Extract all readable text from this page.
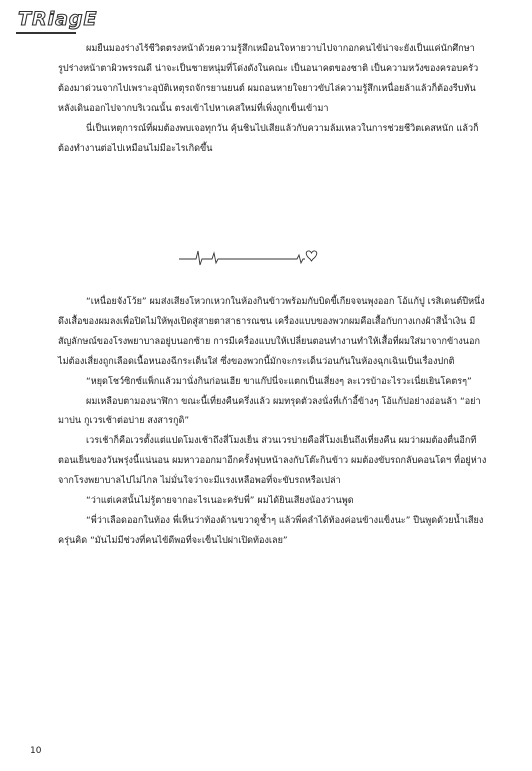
TRiagE

ผมยืนมองร่างไร้ชีวิตตรงหน้าด้วยความรู้สึกเหมือนใจหายวาบไปจากอกคนไข้น่าจะยังเป็นแค่นักศึกษา รูปร่างหน้าตาผิวพรรณดี น่าจะเป็นชายหนุ่มที่โด่งดังในคณะ เป็นอนาคตของชาติ เป็นความหวังของครอบครัว ต้องมาด่วนจากไปเพราะอุบัติเหตุรถจักรยานยนต์ ผมถอนหายใจยาวขับไล่ความรู้สึกเหนื่อยล้าแล้วก็ต้องรีบทันหลังเดินออกไปจากบริเวณนั้น ตรงเข้าไปหาเคสใหม่ที่เพิ่งถูกเข็นเข้ามา

นี่เป็นเหตุการณ์ที่ผมต้องพบเจอทุกวัน คุ้นชินไปเสียแล้วกับความล้มเหลวในการช่วยชีวิตเคสหนัก แล้วก็ต้องทำงานต่อไปเหมือนไม่มีอะไรเกิดขึ้น

“เหนื่อยจังโว้ย” ผมส่งเสียงโหวกเหวกในห้องกินข้าวพร้อมกับบิดขี้เกียจจนพุงออก โอ้แก้ปู เรสิเดนต์ปีหนึ่งดึงเสื้อของผมลงเพื่อปิดไม่ให้พุงเปิดสู่สายตาสาธารณชน เครื่องแบบของพวกผมคือเสื้อกับกางเกงผ้าสีน้ำเงิน มีสัญลักษณ์ของโรงพยาบาลอยู่บนอกซ้าย การมีเครื่องแบบให้เปลี่ยนตอนทำงานทำให้เสื้อที่ผมใส่มาจากข้างนอกไม่ต้องเสี่ยงถูกเลือดเนื้อหนองฉีกระเด็นใส่ ซึ่งของพวกนี้มักจะกระเด็นว่อนกันในห้องฉุกเฉินเป็นเรื่องปกติ

“หยุดโชว์ซิกซ์แพ็กแล้วมานั่งกินก่อนเฮีย ขาแก๊ปนี่จะแตกเป็นเสี่ยงๆ ละเวรบ้าอะไรวะเนี่ยเยินโคตรๆ”

ผมเหลือบตามองนาฬิกา ขณะนี้เที่ยงคืนครึ่งแล้ว ผมทรุดตัวลงนั่งที่เก้าอี้ข้างๆ โอ้แก้ปอย่างอ่อนล้า “อย่ามาบ่น กูเวรเช้าต่อบ่าย สงสารกูดิ”

เวรเช้าก็คือเวรตั้งแต่แปดโมงเช้าถึงสี่โมงเย็น ส่วนเวรบ่ายคือสี่โมงเย็นถึงเที่ยงคืน ผมว่าผมต้องตื่นอีกทีตอนเย็นของวันพรุ่งนี้แน่นอน ผมหาวออกมาอีกครั้งฟุบหน้าลงกับโต๊ะกินข้าว ผมต้องขับรถกลับคอนโดฯ ที่อยู่ห่างจากโรงพยาบาลไปไม่ไกล ไม่มั่นใจว่าจะมีแรงเหลือพอที่จะขับรถหรือเปล่า

“ว่าแต่เคสนั้นไม่รู้ตายจากอะไรเนอะครับพี่” ผมได้ยินเสียงน้องว่านพูด

“พี่ว่าเลือดออกในท้อง พี่เห็นว่าท้องด้านขวาดูช้ำๆ แล้วพี่คลำได้ท้องค่อนข้างแข็งนะ” ปีนพูดด้วยน้ำเสียงครุ่นคิด “มันไม่มีช่วงที่คนไข้ดีพอที่จะเข็นไปผ่าเปิดท้องเลย”

10
